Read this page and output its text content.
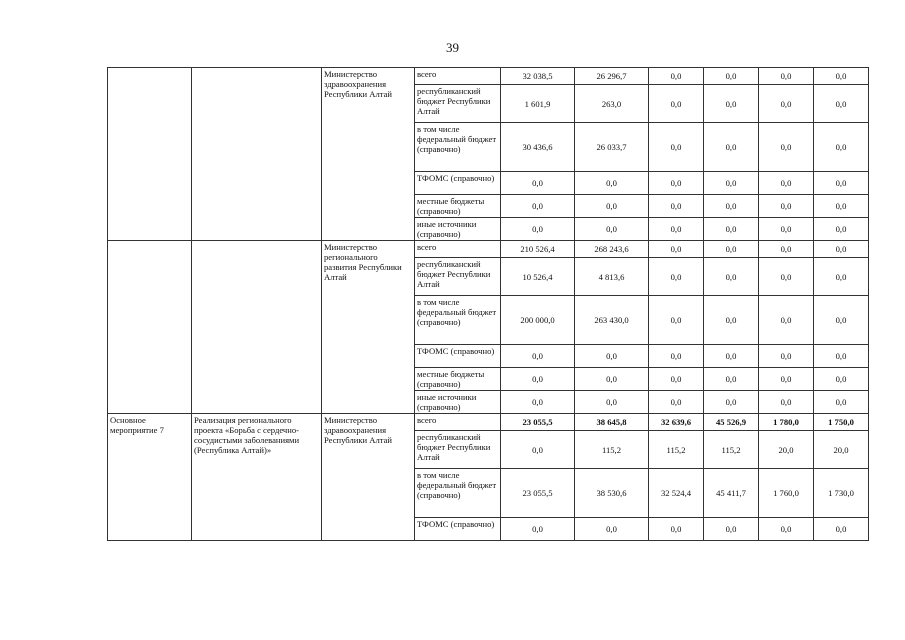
39
		Министерство здравоохранения Республики Алтай	всего	32 038,5	26 296,7	0,0	0,0	0,0	0,0
			республиканский бюджет Республики Алтай	1 601,9	263,0	0,0	0,0	0,0	0,0
			в том числе федеральный бюджет (справочно)	30 436,6	26 033,7	0,0	0,0	0,0	0,0
			ТФОМС (справочно)	0,0	0,0	0,0	0,0	0,0	0,0
			местные бюджеты (справочно)	0,0	0,0	0,0	0,0	0,0	0,0
			иные источники (справочно)	0,0	0,0	0,0	0,0	0,0	0,0
		Министерство регионального развития Республики Алтай	всего	210 526,4	268 243,6	0,0	0,0	0,0	0,0
			республиканский бюджет Республики Алтай	10 526,4	4 813,6	0,0	0,0	0,0	0,0
			в том числе федеральный бюджет (справочно)	200 000,0	263 430,0	0,0	0,0	0,0	0,0
			ТФОМС (справочно)	0,0	0,0	0,0	0,0	0,0	0,0
			местные бюджеты (справочно)	0,0	0,0	0,0	0,0	0,0	0,0
			иные источники (справочно)	0,0	0,0	0,0	0,0	0,0	0,0
Основное мероприятие 7	Реализация регионального проекта «Борьба с сердечно-сосудистыми заболеваниями (Республика Алтай)»	Министерство здравоохранения Республики Алтай	всего	23 055,5	38 645,8	32 639,6	45 526,9	1 780,0	1 750,0
			республиканский бюджет Республики Алтай	0,0	115,2	115,2	115,2	20,0	20,0
			в том числе федеральный бюджет (справочно)	23 055,5	38 530,6	32 524,4	45 411,7	1 760,0	1 730,0
			ТФОМС (справочно)	0,0	0,0	0,0	0,0	0,0	0,0
